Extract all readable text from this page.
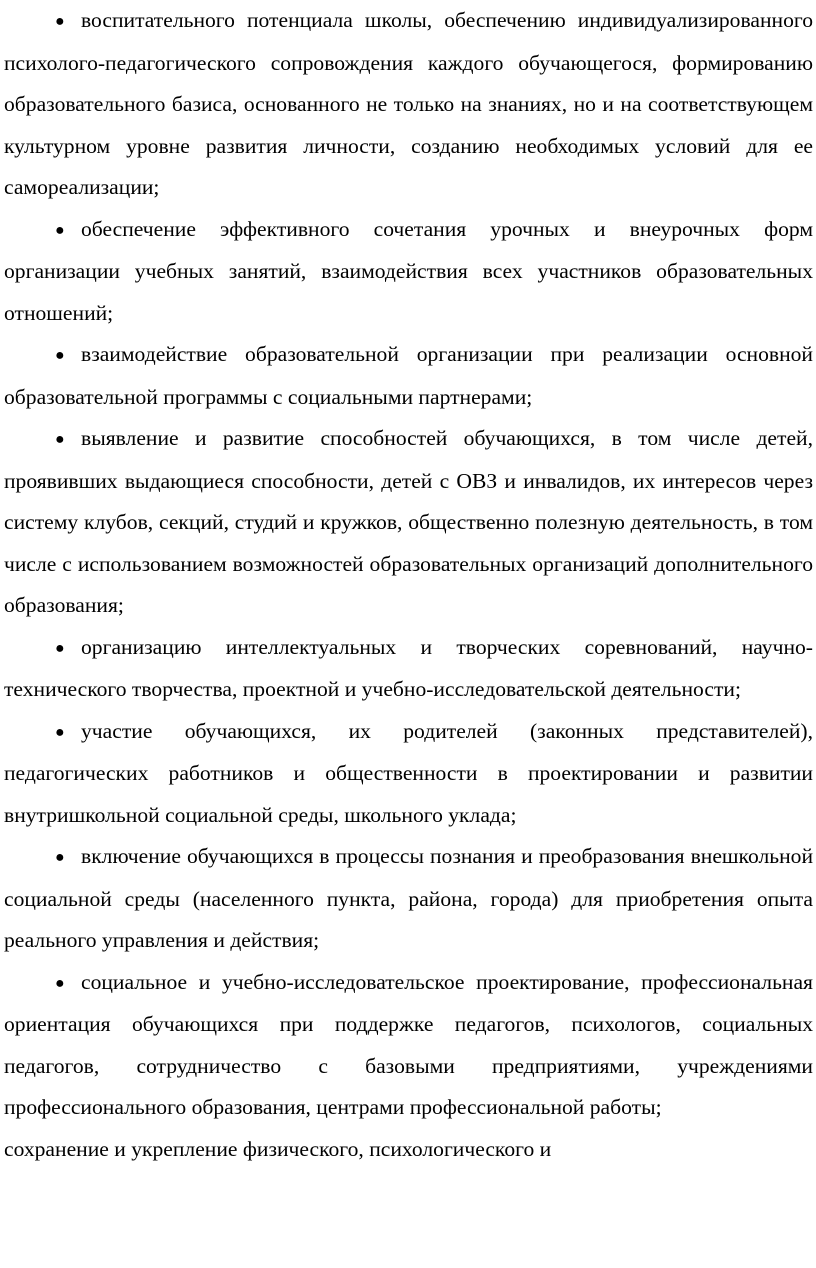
● воспитательного потенциала школы, обеспечению индивидуализированного психолого-педагогического сопровождения каждого обучающегося, формированию образовательного базиса, основанного не только на знаниях, но и на соответствующем культурном уровне развития личности, созданию необходимых условий для ее самореализации;

● обеспечение эффективного сочетания урочных и внеурочных форм организации учебных занятий, взаимодействия всех участников образовательных отношений;

● взаимодействие образовательной организации при реализации основной образовательной программы с социальными партнерами;

● выявление и развитие способностей обучающихся, в том числе детей, проявивших выдающиеся способности, детей с ОВЗ и инвалидов, их интересов через систему клубов, секций, студий и кружков, общественно полезную деятельность, в том числе с использованием возможностей образовательных организаций дополнительного образования;

● организацию интеллектуальных и творческих соревнований, научно-технического творчества, проектной и учебно-исследовательской деятельности;

● участие обучающихся, их родителей (законных представителей), педагогических работников и общественности в проектировании и развитии внутришкольной социальной среды, школьного уклада;

● включение обучающихся в процессы познания и преобразования внешкольной социальной среды (населенного пункта, района, города) для приобретения опыта реального управления и действия;

● социальное и учебно-исследовательское проектирование, профессиональная ориентация обучающихся при поддержке педагогов, психологов, социальных педагогов, сотрудничество с базовыми предприятиями, учреждениями профессионального образования, центрами профессиональной работы;

сохранение и укрепление физического, психологического и
